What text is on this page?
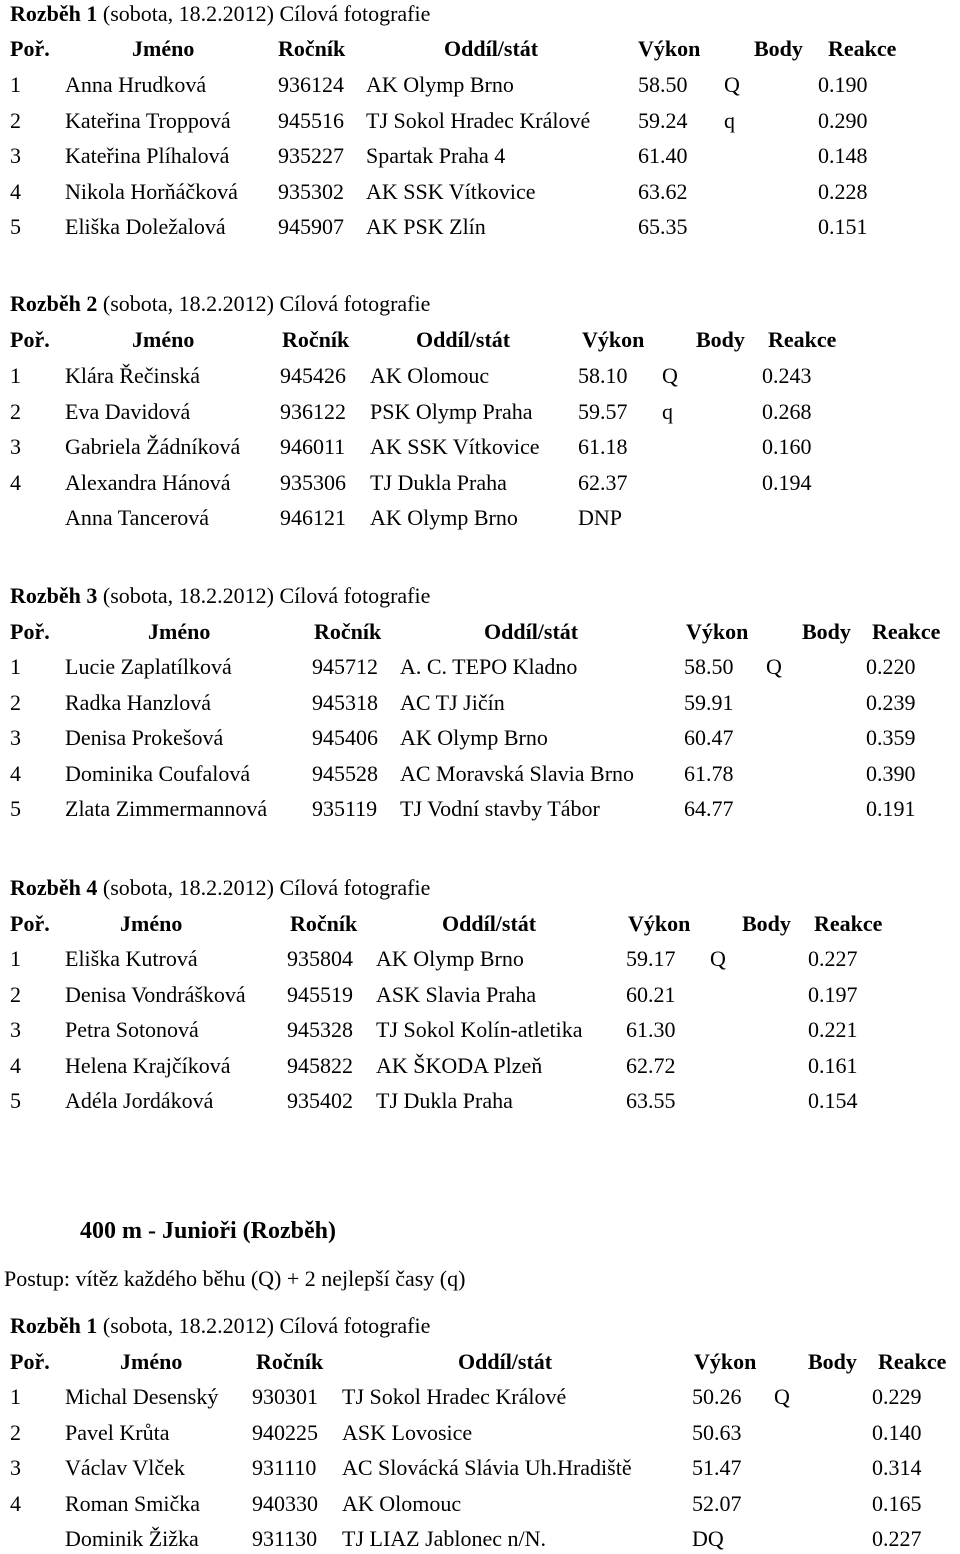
Rozběh 1 (sobota, 18.2.2012) Cílová fotografie
Poř.	Jméno	Ročník	Oddíl/stát	Výkon Body Reakce
1 Anna Hrudková	936124 AK Olymp Brno	58.50 Q	0.190
2 Kateřina Troppová 945516 TJ Sokol Hradec Králové 59.24 q	0.290
3 Kateřina Plíhalová 935227 Spartak Praha 4	61.40	0.148
4 Nikola Horňáčková 935302 AK SSK Vítkovice	63.62	0.228
5 Eliška Doležalová 945907 AK PSK Zlín	65.35	0.151
Rozběh 2 (sobota, 18.2.2012) Cílová fotografie
Poř.	Jméno	Ročník	Oddíl/stát	Výkon Body Reakce
1 Klára Řečinská	945426 AK Olomouc	58.10 Q	0.243
2 Eva Davidová	936122 PSK Olymp Praha 59.57 q	0.268
3 Gabriela Žádníková 946011 AK SSK Vítkovice 61.18	0.160
4 Alexandra Hánová 935306 TJ Dukla Praha	62.37	0.194
Anna Tancerová	946121 AK Olymp Brno	DNP
Rozběh 3 (sobota, 18.2.2012) Cílová fotografie
Poř.	Jméno	Ročník	Oddíl/stát	Výkon Body Reakce
1 Lucie Zaplatílková	945712 A. C. TEPO Kladno	58.50 Q	0.220
2 Radka Hanzlová	945318 AC TJ Jičín	59.91	0.239
3 Denisa Prokešová	945406 AK Olymp Brno	60.47	0.359
4 Dominika Coufalová	945528 AC Moravská Slavia Brno 61.78	0.390
5 Zlata Zimmermannová 935119 TJ Vodní stavby Tábor	64.77	0.191
Rozběh 4 (sobota, 18.2.2012) Cílová fotografie
Poř.	Jméno	Ročník	Oddíl/stát	Výkon Body Reakce
1 Eliška Kutrová	935804 AK Olymp Brno	59.17 Q	0.227
2 Denisa Vondrášková 945519 ASK Slavia Praha	60.21	0.197
3 Petra Sotonová	945328 TJ Sokol Kolín-atletika 61.30	0.221
4 Helena Krajčíková	945822 AK ŠKODA Plzeň	62.72	0.161
5 Adéla Jordáková	935402 TJ Dukla Praha	63.55	0.154
400 m - Junioři (Rozběh)
Postup: vítěz každého běhu (Q) + 2 nejlepší časy (q)
Rozběh 1 (sobota, 18.2.2012) Cílová fotografie
Poř.	Jméno	Ročník	Oddíl/stát	Výkon Body Reakce
1 Michal Desenský 930301 TJ Sokol Hradec Králové	50.26 Q	0.229
2 Pavel Krůta	940225 ASK Lovosice	50.63	0.140
3 Václav Vlček	931110 AC Slovácká Slávia Uh.Hradiště	51.47	0.314
4 Roman Smička 940330 AK Olomouc	52.07	0.165
Dominik Žižka 931130 TJ LIAZ Jablonec n/N.	DQ	0.227
